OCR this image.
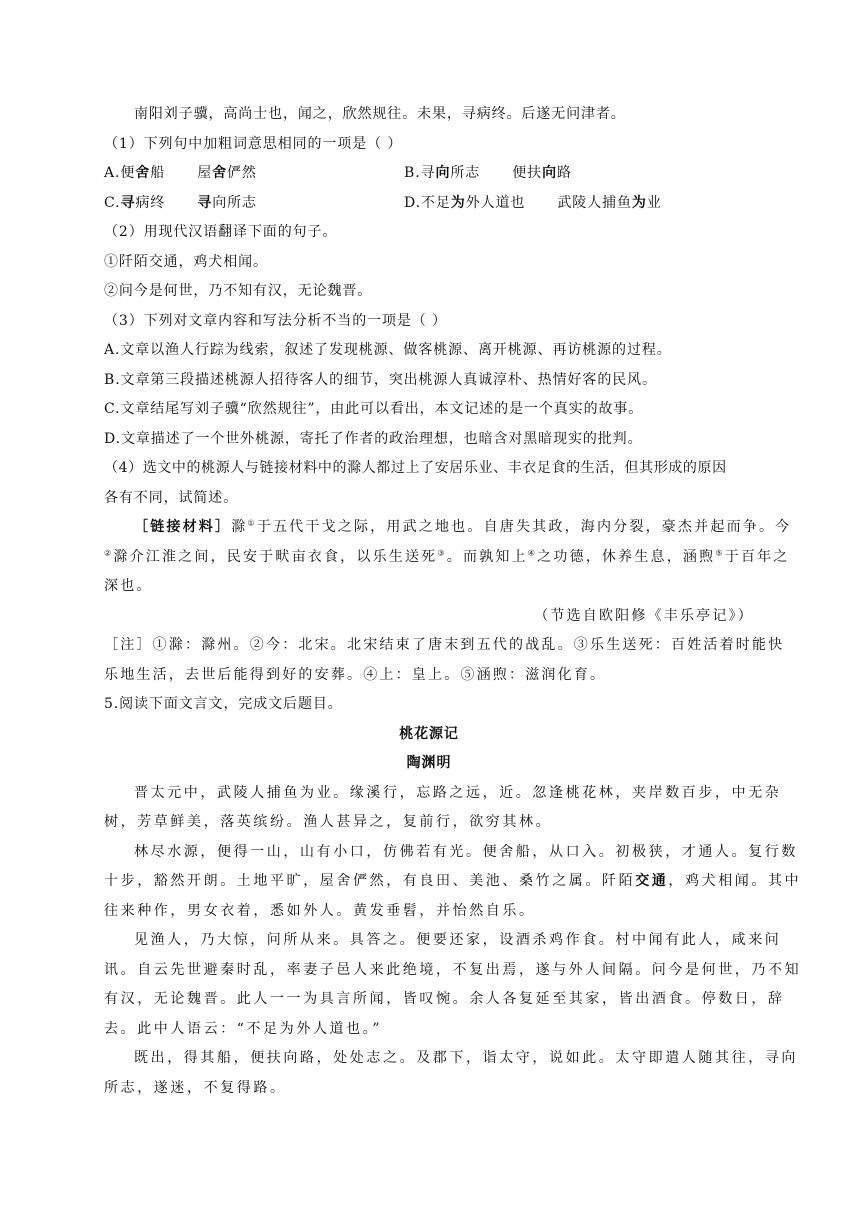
南阳刘子骥，高尚士也，闻之，欣然规往。未果，寻病终。后遂无问津者。
（1）下列句中加粗词意思相同的一项是（ ）
A.便舍船      屋舍俨然	B.寻向所志      便扶向路
C.寻病终      寻向所志	D.不足为外人道也      武陵人捕鱼为业
（2）用现代汉语翻译下面的句子。
①阡陌交通，鸡犬相闻。
②问今是何世，乃不知有汉，无论魏晋。
（3）下列对文章内容和写法分析不当的一项是（ ）
A.文章以渔人行踪为线索，叙述了发现桃源、做客桃源、离开桃源、再访桃源的过程。
B.文章第三段描述桃源人招待客人的细节，突出桃源人真诚淳朴、热情好客的民风。
C.文章结尾写刘子骥“欣然规往”，由此可以看出，本文记述的是一个真实的故事。
D.文章描述了一个世外桃源，寄托了作者的政治理想，也暗含对黑暗现实的批判。
（4）选文中的桃源人与链接材料中的滁人都过上了安居乐业、丰衣足食的生活，但其形成的原因
各有不同，试简述。
［链接材料］滁①于五代干戈之际，用武之地也。自唐失其政，海内分裂，豪杰并起而争。今
②滁介江淮之间，民安于畎亩衣食，以乐生送死③。而孰知上④之功德，休养生息，涵煦⑤于百年之
深也。
（节选自欧阳修《丰乐亭记》）
［注］①滁：滁州。②今：北宋。北宋结束了唐末到五代的战乱。③乐生送死：百姓活着时能快
乐地生活，去世后能得到好的安葬。④上：皇上。⑤涵煦：滋润化育。
5.阅读下面文言文，完成文后题目。
桃花源记
陶渊明
晋太元中，武陵人捕鱼为业。缘溪行，忘路之远，近。忽逢桃花林，夹岸数百步，中无杂
树，芳草鲜美，落英缤纷。渔人甚异之，复前行，欲穷其林。
林尽水源，便得一山，山有小口，仿佛若有光。便舍船，从口入。初极狭，才通人。复行数
十步，豁然开朗。土地平旷，屋舍俨然，有良田、美池、桑竹之属。阡陌交通，鸡犬相闻。其中
往来种作，男女衣着，悉如外人。黄发垂髫，并怡然自乐。
见渔人，乃大惊，问所从来。具答之。便要还家，设酒杀鸡作食。村中闻有此人，咸来问
讯。自云先世避秦时乱，率妻子邑人来此绝境，不复出焉，遂与外人间隔。问今是何世，乃不知
有汉，无论魏晋。此人一一为具言所闻，皆叹惋。余人各复延至其家，皆出酒食。停数日，辞
去。此中人语云：“不足为外人道也。”
既出，得其船，便扶向路，处处志之。及郡下，诣太守，说如此。太守即遣人随其往，寻向
所志，遂迷，不复得路。
